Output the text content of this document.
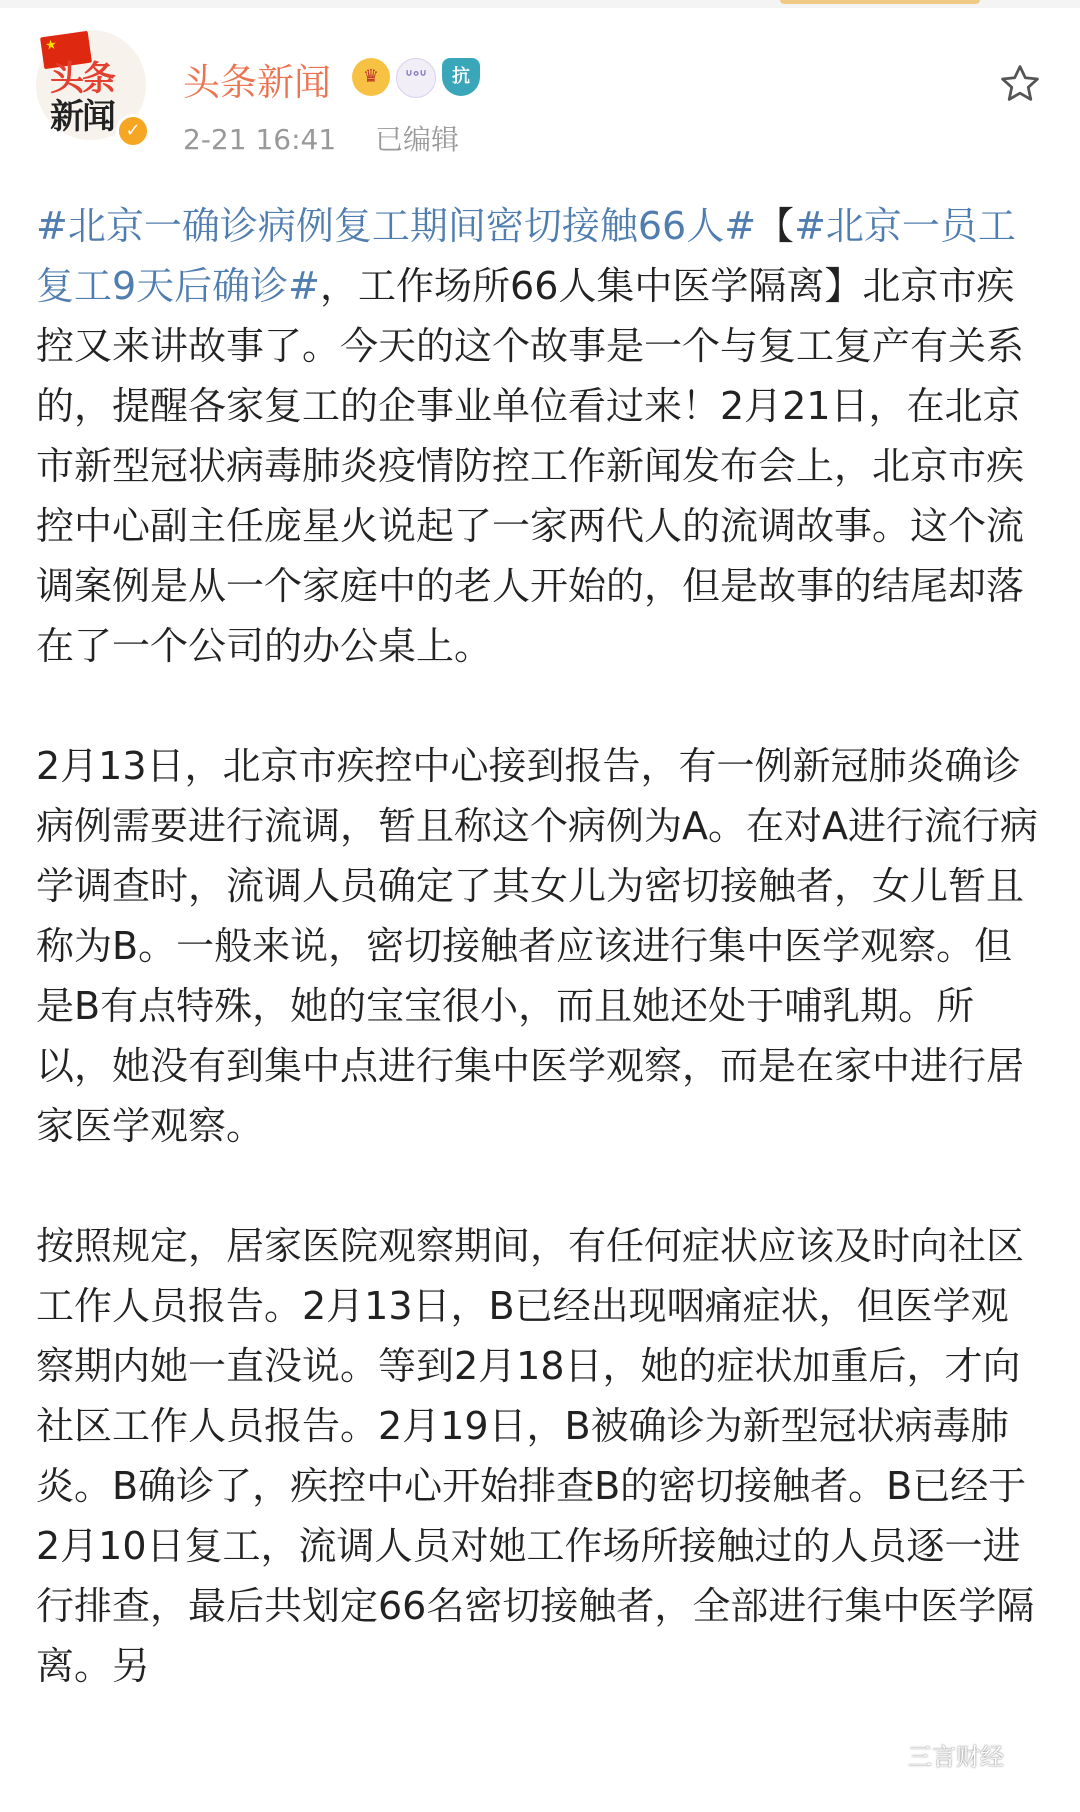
★
头条
新闻 ✓
头条新闻	♛	ᐡᐤᐡ	抗
2-21 16:41 已编辑

#北京一确诊病例复工期间密切接触66人#【#北京一员工复工9天后确诊#，工作场所66人集中医学隔离】北京市疾控又来讲故事了。今天的这个故事是一个与复工复产有关系的，提醒各家复工的企事业单位看过来！2月21日，在北京市新型冠状病毒肺炎疫情防控工作新闻发布会上，北京市疾控中心副主任庞星火说起了一家两代人的流调故事。这个流调案例是从一个家庭中的老人开始的，但是故事的结尾却落在了一个公司的办公桌上。

2月13日，北京市疾控中心接到报告，有一例新冠肺炎确诊病例需要进行流调，暂且称这个病例为A。在对A进行流行病学调查时，流调人员确定了其女儿为密切接触者，女儿暂且称为B。一般来说，密切接触者应该进行集中医学观察。但是B有点特殊，她的宝宝很小，而且她还处于哺乳期。所以，她没有到集中点进行集中医学观察，而是在家中进行居家医学观察。

按照规定，居家医院观察期间，有任何症状应该及时向社区工作人员报告。2月13日，B已经出现咽痛症状，但医学观察期内她一直没说。等到2月18日，她的症状加重后，才向社区工作人员报告。2月19日，B被确诊为新型冠状病毒肺炎。B确诊了，疾控中心开始排查B的密切接触者。B已经于2月10日复工，流调人员对她工作场所接触过的人员逐一进行排查，最后共划定66名密切接触者，全部进行集中医学隔离。另

三言财经
